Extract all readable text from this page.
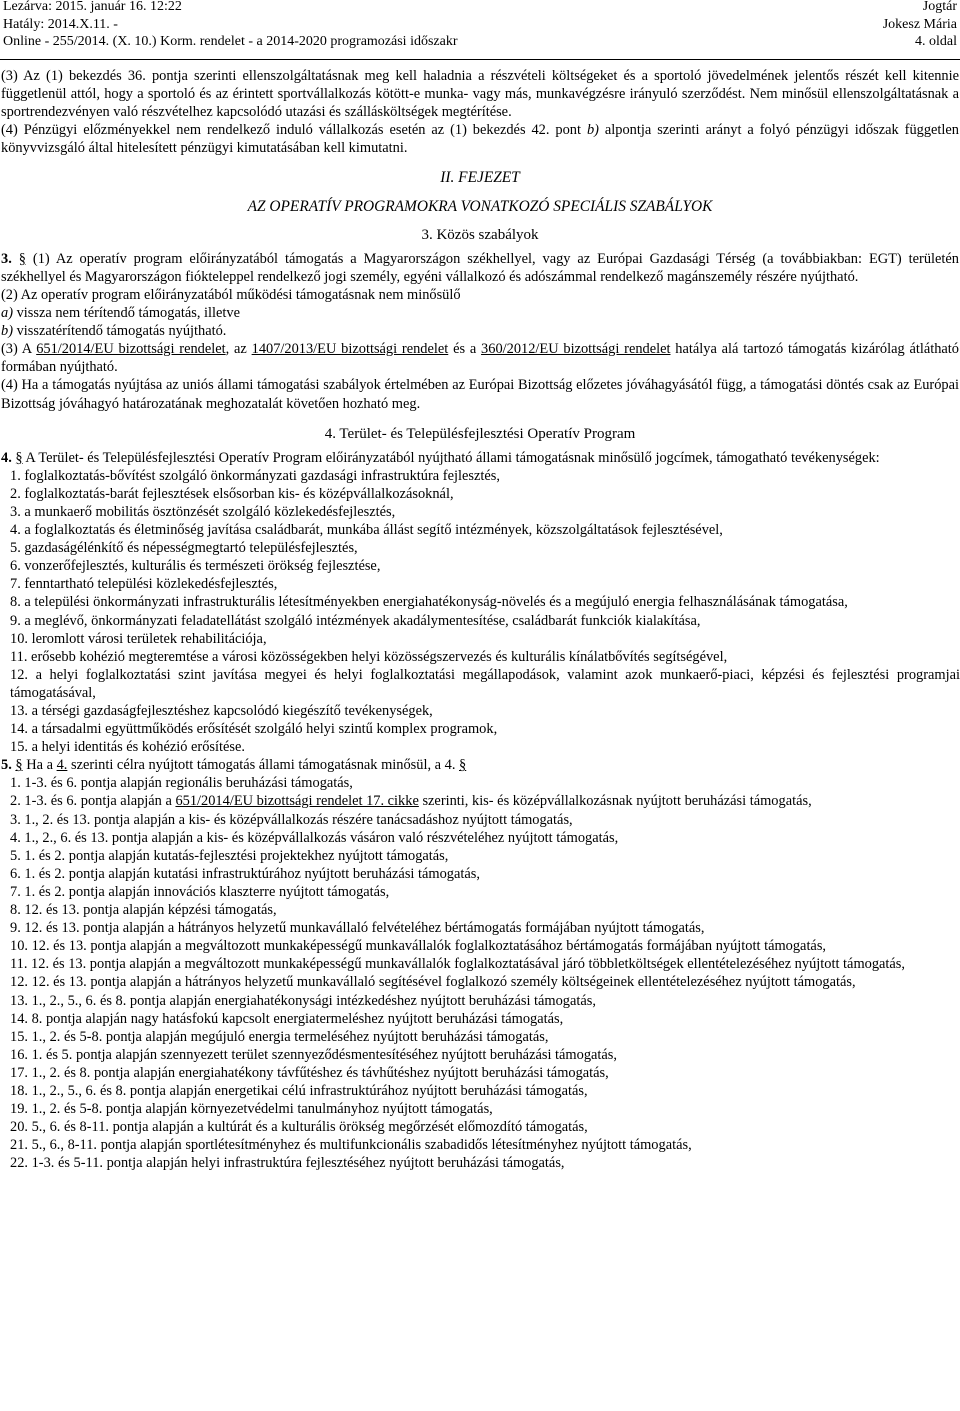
Lezárva: 2015. január 16. 12:22
Hatály: 2014.X.11. -
Online - 255/2014. (X. 10.) Korm. rendelet - a 2014-2020 programozási időszakr
Jogtár
Jokesz Mária
4. oldal

(3) Az (1) bekezdés 36. pontja szerinti ellenszolgáltatásnak meg kell haladnia a részvételi költségeket és a sportoló jövedelmének jelentős részét kell kitennie függetlenül attól, hogy a sportoló és az érintett sportvállalkozás kötött-e munka- vagy más, munkavégzésre irányuló szerződést. Nem minősül ellenszolgáltatásnak a sportrendezvényen való részvételhez kapcsolódó utazási és szállásköltségek megtérítése.

(4) Pénzügyi előzményekkel nem rendelkező induló vállalkozás esetén az (1) bekezdés 42. pont b) alpontja szerinti arányt a folyó pénzügyi időszak független könyvvizsgáló által hitelesített pénzügyi kimutatásában kell kimutatni.

II. FEJEZET

AZ OPERATÍV PROGRAMOKRA VONATKOZÓ SPECIÁLIS SZABÁLYOK

3. Közös szabályok

3. § (1) Az operatív program előirányzatából támogatás a Magyarországon székhellyel, vagy az Európai Gazdasági Térség (a továbbiakban: EGT) területén székhellyel és Magyarországon fiókteleppel rendelkező jogi személy, egyéni vállalkozó és adószámmal rendelkező magánszemély részére nyújtható.

(2) Az operatív program előirányzatából működési támogatásnak nem minősülő

a) vissza nem térítendő támogatás, illetve

b) visszatérítendő támogatás nyújtható.

(3) A 651/2014/EU bizottsági rendelet, az 1407/2013/EU bizottsági rendelet és a 360/2012/EU bizottsági rendelet hatálya alá tartozó támogatás kizárólag átlátható formában nyújtható.

(4) Ha a támogatás nyújtása az uniós állami támogatási szabályok értelmében az Európai Bizottság előzetes jóváhagyásától függ, a támogatási döntés csak az Európai Bizottság jóváhagyó határozatának meghozatalát követően hozható meg.

4. Terület- és Településfejlesztési Operatív Program

4. § A Terület- és Településfejlesztési Operatív Program előirányzatából nyújtható állami támogatásnak minősülő jogcímek, támogatható tevékenységek:

1. foglalkoztatás-bővítést szolgáló önkormányzati gazdasági infrastruktúra fejlesztés,

2. foglalkoztatás-barát fejlesztések elsősorban kis- és középvállalkozásoknál,

3. a munkaerő mobilitás ösztönzését szolgáló közlekedésfejlesztés,

4. a foglalkoztatás és életminőség javítása családbarát, munkába állást segítő intézmények, közszolgáltatások fejlesztésével,

5. gazdaságélénkítő és népességmegtartó településfejlesztés,

6. vonzerőfejlesztés, kulturális és természeti örökség fejlesztése,

7. fenntartható települési közlekedésfejlesztés,

8. a települési önkormányzati infrastrukturális létesítményekben energiahatékonyság-növelés és a megújuló energia felhasználásának támogatása,

9. a meglévő, önkormányzati feladatellátást szolgáló intézmények akadálymentesítése, családbarát funkciók kialakítása,

10. leromlott városi területek rehabilitációja,

11. erősebb kohézió megteremtése a városi közösségekben helyi közösségszervezés és kulturális kínálatbővítés segítségével,

12. a helyi foglalkoztatási szint javítása megyei és helyi foglalkoztatási megállapodások, valamint azok munkaerő-piaci, képzési és fejlesztési programjai támogatásával,

13. a térségi gazdaságfejlesztéshez kapcsolódó kiegészítő tevékenységek,

14. a társadalmi együttműködés erősítését szolgáló helyi szintű komplex programok,

15. a helyi identitás és kohézió erősítése.

5. § Ha a 4. szerinti célra nyújtott támogatás állami támogatásnak minősül, a 4. §

1. 1-3. és 6. pontja alapján regionális beruházási támogatás,

2. 1-3. és 6. pontja alapján a 651/2014/EU bizottsági rendelet 17. cikke szerinti, kis- és középvállalkozásnak nyújtott beruházási támogatás,

3. 1., 2. és 13. pontja alapján a kis- és középvállalkozás részére tanácsadáshoz nyújtott támogatás,

4. 1., 2., 6. és 13. pontja alapján a kis- és középvállalkozás vásáron való részvételéhez nyújtott támogatás,

5. 1. és 2. pontja alapján kutatás-fejlesztési projektekhez nyújtott támogatás,

6. 1. és 2. pontja alapján kutatási infrastruktúrához nyújtott beruházási támogatás,

7. 1. és 2. pontja alapján innovációs klaszterre nyújtott támogatás,

8. 12. és 13. pontja alapján képzési támogatás,

9. 12. és 13. pontja alapján a hátrányos helyzetű munkavállaló felvételéhez bértámogatás formájában nyújtott támogatás,

10. 12. és 13. pontja alapján a megváltozott munkaképességű munkavállalók foglalkoztatásához bértámogatás formájában nyújtott támogatás,

11. 12. és 13. pontja alapján a megváltozott munkaképességű munkavállalók foglalkoztatásával járó többletköltségek ellentételezéséhez nyújtott támogatás,

12. 12. és 13. pontja alapján a hátrányos helyzetű munkavállaló segítésével foglalkozó személy költségeinek ellentételezéséhez nyújtott támogatás,

13. 1., 2., 5., 6. és 8. pontja alapján energiahatékonysági intézkedéshez nyújtott beruházási támogatás,

14. 8. pontja alapján nagy hatásfokú kapcsolt energiatermeléshez nyújtott beruházási támogatás,

15. 1., 2. és 5-8. pontja alapján megújuló energia termeléséhez nyújtott beruházási támogatás,

16. 1. és 5. pontja alapján szennyezett terület szennyeződésmentesítéséhez nyújtott beruházási támogatás,

17. 1., 2. és 8. pontja alapján energiahatékony távfűtéshez és távhűtéshez nyújtott beruházási támogatás,

18. 1., 2., 5., 6. és 8. pontja alapján energetikai célú infrastruktúrához nyújtott beruházási támogatás,

19. 1., 2. és 5-8. pontja alapján környezetvédelmi tanulmányhoz nyújtott támogatás,

20. 5., 6. és 8-11. pontja alapján a kultúrát és a kulturális örökség megőrzését előmozdító támogatás,

21. 5., 6., 8-11. pontja alapján sportlétesítményhez és multifunkcionális szabadidős létesítményhez nyújtott támogatás,

22. 1-3. és 5-11. pontja alapján helyi infrastruktúra fejlesztéséhez nyújtott beruházási támogatás,
